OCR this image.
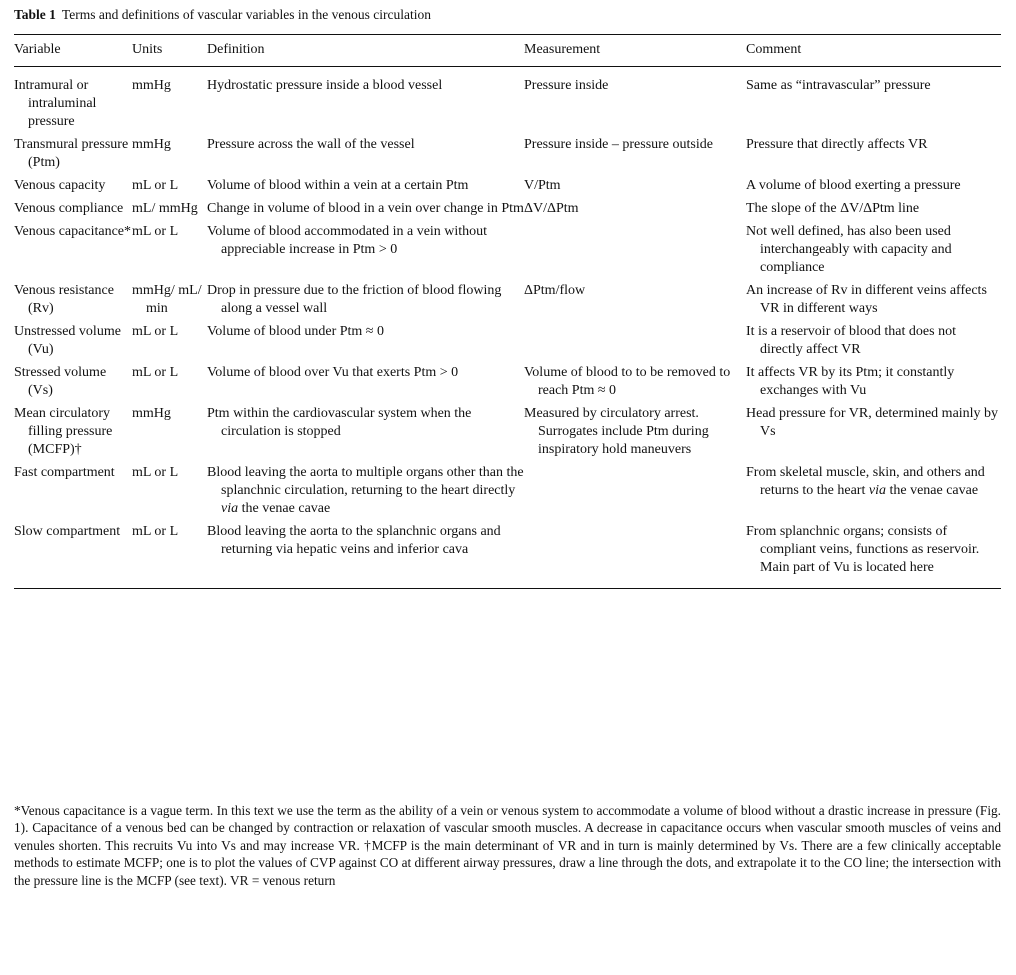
Table 1 Terms and definitions of vascular variables in the venous circulation
Variable	Units	Definition	Measurement	Comment

Intramural or intraluminal pressure	mmHg	Hydrostatic pressure inside a blood vessel	Pressure inside	Same as “intravascular” pressure

Transmural pressure (Ptm)	mmHg	Pressure across the wall of the vessel	Pressure inside – pressure outside	Pressure that directly affects VR

Venous capacity	mL or L	Volume of blood within a vein at a certain Ptm	V/Ptm	A volume of blood exerting a pressure

Venous compliance	mL/ mmHg	Change in volume of blood in a vein over change in Ptm	ΔV/ΔPtm	The slope of the ΔV/ΔPtm line

Venous capacitance*	mL or L	Volume of blood accommodated in a vein without appreciable increase in Ptm > 0		Not well defined, has also been used interchangeably with capacity and compliance

Venous resistance (Rv)	mmHg/ mL/ min	Drop in pressure due to the friction of blood flowing along a vessel wall	ΔPtm/flow	An increase of Rv in different veins affects VR in different ways

Unstressed volume (Vu)	mL or L	Volume of blood under Ptm ≈ 0		It is a reservoir of blood that does not directly affect VR

Stressed volume (Vs)	mL or L	Volume of blood over Vu that exerts Ptm > 0	Volume of blood to to be removed to reach Ptm ≈ 0	It affects VR by its Ptm; it constantly exchanges with Vu

Mean circulatory filling pressure (MCFP)†	mmHg	Ptm within the cardiovascular system when the circulation is stopped	Measured by circulatory arrest. Surrogates include Ptm during inspiratory hold maneuvers	Head pressure for VR, determined mainly by Vs

Fast compartment	mL or L	Blood leaving the aorta to multiple organs other than the splanchnic circulation, returning to the heart directly via the venae cavae		From skeletal muscle, skin, and others and returns to the heart via the venae cavae

Slow compartment	mL or L	Blood leaving the aorta to the splanchnic organs and returning via hepatic veins and inferior cava		From splanchnic organs; consists of compliant veins, functions as reservoir. Main part of Vu is located here
*Venous capacitance is a vague term. In this text we use the term as the ability of a vein or venous system to accommodate a volume of blood without a drastic increase in pressure (Fig. 1). Capacitance of a venous bed can be changed by contraction or relaxation of vascular smooth muscles. A decrease in capacitance occurs when vascular smooth muscles of veins and venules shorten. This recruits Vu into Vs and may increase VR. †MCFP is the main determinant of VR and in turn is mainly determined by Vs. There are a few clinically acceptable methods to estimate MCFP; one is to plot the values of CVP against CO at different airway pressures, draw a line through the dots, and extrapolate it to the CO line; the intersection with the pressure line is the MCFP (see text). VR = venous return
